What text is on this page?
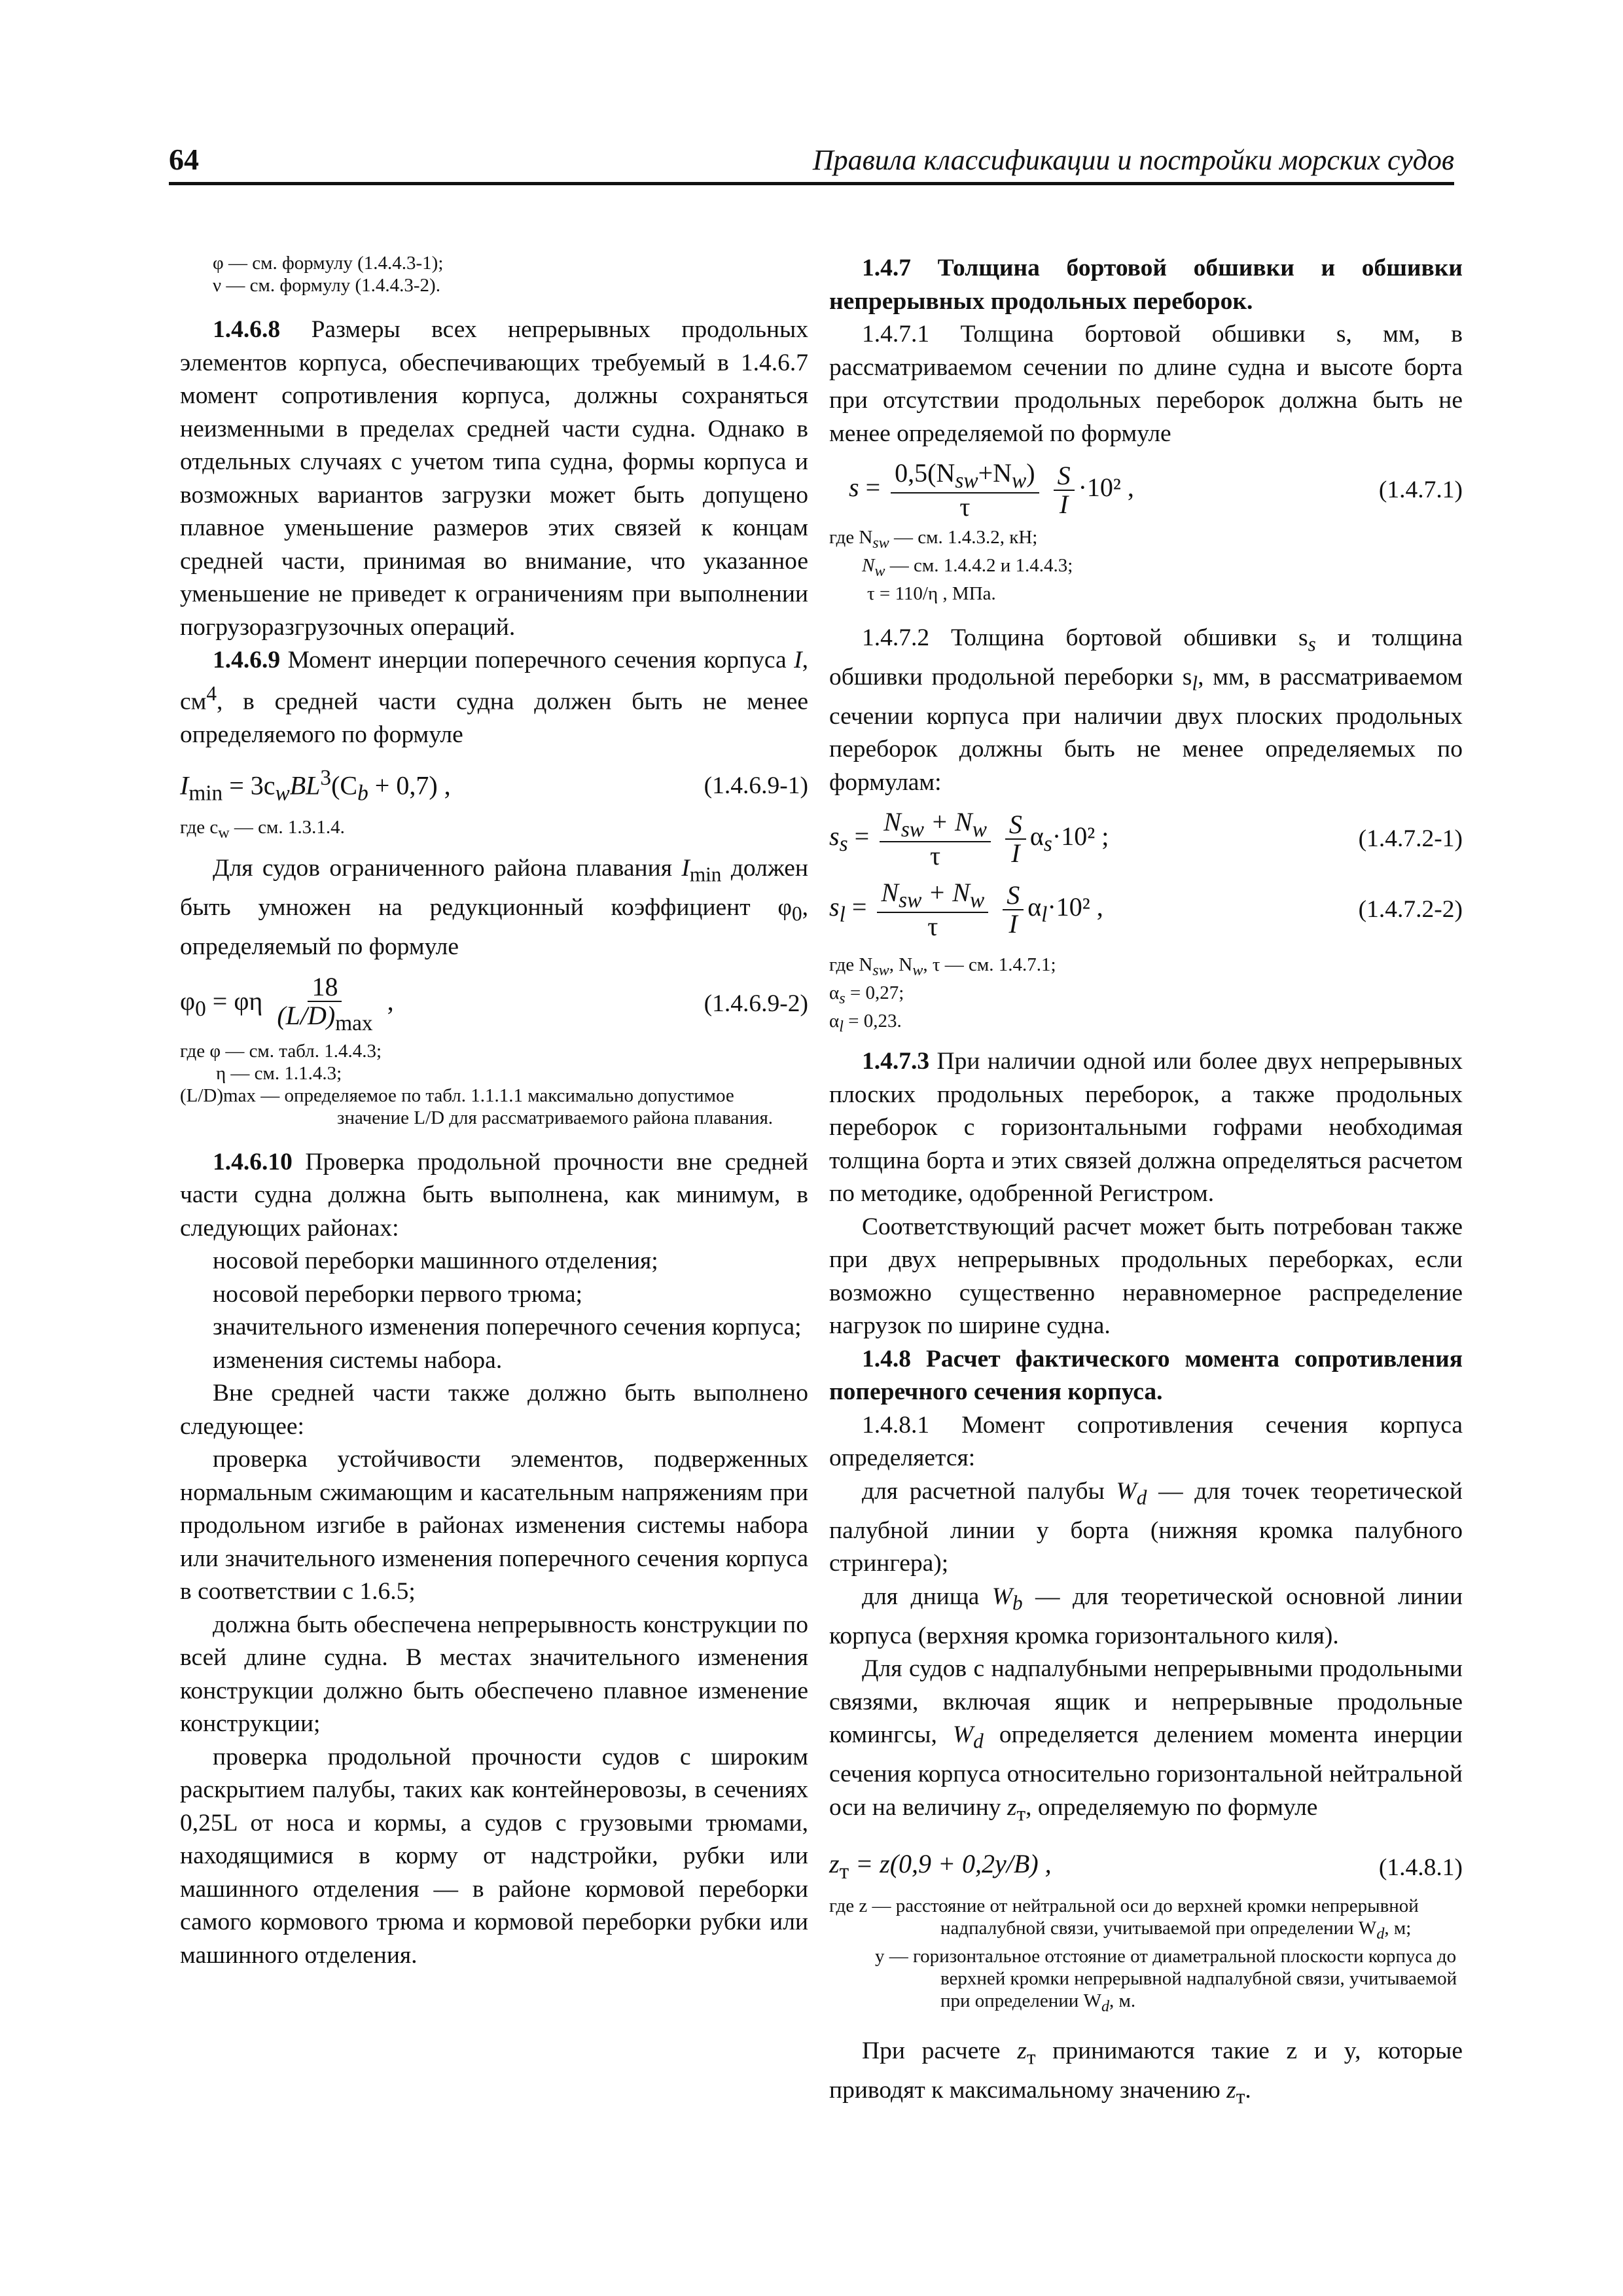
64	Правила классификации и постройки морских судов
φ — см. формулу (1.4.4.3-1);
ν — см. формулу (1.4.4.3-2).

1.4.6.8 Размеры всех непрерывных продольных элементов корпуса, обеспечивающих требуемый в 1.4.6.7 момент сопротивления корпуса, должны сохраняться неизменными в пределах средней части судна. Однако в отдельных случаях с учетом типа судна, формы корпуса и возможных вариантов загрузки может быть допущено плавное уменьшение размеров этих связей к концам средней части, принимая во внимание, что указанное уменьшение не приведет к ограничениям при выполнении погрузоразгрузочных операций.

1.4.6.9 Момент инерции поперечного сечения корпуса I, $см^4$, в средней части судна должен быть не менее определяемого по формуле

$I_{min} = 3c_wBL^3(C_b + 0,7)$ ,	(1.4.6.9-1)
где $c_w$ — см. 1.3.1.4.

Для судов ограниченного района плавания $I_{min}$ должен быть умножен на редукционный коэффициент $\varphi_0$, определяемый по формуле

$\varphi_0 = \varphi\eta \frac{18}{(L/D)_{max}}$ ,	(1.4.6.9-2)
где φ — см. табл. 1.4.4.3;
η — см. 1.1.4.3;
(L/D)max — определяемое по табл. 1.1.1.1 максимально допустимое значение L/D для рассматриваемого района плавания.

1.4.6.10 Проверка продольной прочности вне средней части судна должна быть выполнена, как минимум, в следующих районах:

носовой переборки машинного отделения;

носовой переборки первого трюма;

значительного изменения поперечного сечения корпуса;

изменения системы набора.

Вне средней части также должно быть выполнено следующее:

проверка устойчивости элементов, подверженных нормальным сжимающим и касательным напряжениям при продольном изгибе в районах изменения системы набора или значительного изменения поперечного сечения корпуса в соответствии с 1.6.5;

должна быть обеспечена непрерывность конструкции по всей длине судна. В местах значительного изменения конструкции должно быть обеспечено плавное изменение конструкции;

проверка продольной прочности судов с широким раскрытием палубы, таких как контейнеровозы, в сечениях 0,25L от носа и кормы, а судов с грузовыми трюмами, находящимися в корму от надстройки, рубки или машинного отделения — в районе кормовой переборки самого кормового трюма и кормовой переборки рубки или машинного отделения.

1.4.7 Толщина бортовой обшивки и обшивки непрерывных продольных переборок.

1.4.7.1 Толщина бортовой обшивки s, мм, в рассматриваемом сечении по длине судна и высоте борта при отсутствии продольных переборок должна быть не менее определяемой по формуле

$s = \frac{0,5(N_{sw}+N_w)}{\tau}$
$\frac{S}{I} \cdot 10^2$ ,	(1.4.7.1)
где $N_{sw}$ — см. 1.4.3.2, кН;
$N_w$ — см. 1.4.4.2 и 1.4.4.3;
τ = 110/η , МПа.

1.4.7.2 Толщина бортовой обшивки $s_s$ и толщина обшивки продольной переборки $s_l$, мм, в рассматриваемом сечении корпуса при наличии двух плоских продольных переборок должны быть не менее определяемых по формулам:

$s_s = \frac{N_{sw} + N_w}{\tau}$
$\frac{S}{I} \alpha_s\cdot 10^2$ ;	(1.4.7.2-1)
$s_l = \frac{N_{sw} + N_w}{\tau}$
$\frac{S}{I} \alpha_l\cdot 10^2$ ,	(1.4.7.2-2)
где $N_{sw}$, $N_w$, τ — см. 1.4.7.1;
$\alpha_s = 0,27$;
$\alpha_l = 0,23$.

1.4.7.3 При наличии одной или более двух непрерывных плоских продольных переборок, а также продольных переборок с горизонтальными гофрами необходимая толщина борта и этих связей должна определяться расчетом по методике, одобренной Регистром.

Соответствующий расчет может быть потребован также при двух непрерывных продольных переборках, если возможно существенно неравномерное распределение нагрузок по ширине судна.

1.4.8 Расчет фактического момента сопротивления поперечного сечения корпуса.

1.4.8.1 Момент сопротивления сечения корпуса определяется:

для расчетной палубы $W_d$ — для точек теоретической палубной линии у борта (нижняя кромка палубного стрингера);

для днища $W_b$ — для теоретической основной линии корпуса (верхняя кромка горизонтального киля).

Для судов с надпалубными непрерывными продольными связями, включая ящик и непрерывные продольные комингсы, $W_d$ определяется делением момента инерции сечения корпуса относительно горизонтальной нейтральной оси на величину $z_т$, определяемую по формуле

$z_т = z(0,9 + 0,2y/B)$ ,	(1.4.8.1)
где z — расстояние от нейтральной оси до верхней кромки непрерывной надпалубной связи, учитываемой при определении $W_d$, м;
y — горизонтальное отстояние от диаметральной плоскости корпуса до верхней кромки непрерывной надпалубной связи, учитываемой при определении $W_d$, м.

При расчете $z_т$ принимаются такие z и y, которые приводят к максимальному значению $z_т$.
